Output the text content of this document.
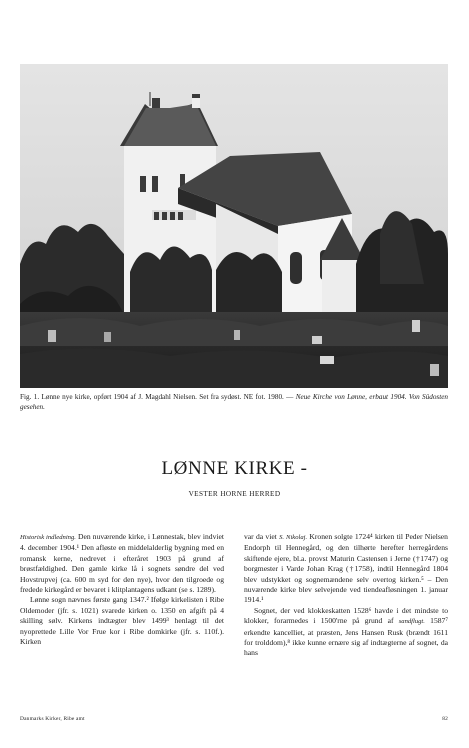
Fig. 1. Lønne nye kirke, opført 1904 af J. Magdahl Nielsen. Set fra sydøst. NE fot. 1980. — Neue Kirche von Lønne, erbaut 1904. Von Südosten gesehen.
LØNNE KIRKE -
VESTER HORNE HERRED

Historisk indledning. Den nuværende kirke, i Lønnestak, blev indviet 4. december 1904.¹ Den afløste en middelalderlig bygning med en romansk kerne, nedrevet i efteråret 1903 på grund af brøstfældighed. Den gamle kirke lå i sognets søndre del ved Hovstrupvej (ca. 600 m syd for den nye), hvor den tilgroede og fredede kirkegård er bevaret i klitplantagens udkant (se s. 1289).

Lønne sogn nævnes første gang 1347.² Ifølge kirkelisten i Ribe Oldemoder (jfr. s. 1021) svarede kirken o. 1350 en afgift på 4 skilling sølv. Kirkens indtægter blev 1499³ henlagt til det nyoprettede Lille Vor Frue kor i Ribe domkirke (jfr. s. 110f.). Kirken

var da viet S. Nikolaj. Kronen solgte 1724⁴ kirken til Peder Nielsen Endorph til Hennegård, og den tilhørte herefter herregårdens skiftende ejere, bl.a. provst Maturin Castensen i Jerne (†1747) og borgmester i Varde Johan Krag (†1758), indtil Hennegård 1804 blev udstykket og sognemændene selv overtog kirken.⁵ – Den nuværende kirke blev selvejende ved tiendeafløsningen 1. januar 1914.¹

Sognet, der ved klokkeskatten 1528⁶ havde i det mindste to klokker, forarmedes i 1500'rne på grund af sandflugt. 1587⁷ erkendte kancelliet, at præsten, Jens Hansen Rusk (brændt 1611 for trolddom),⁸ ikke kunne ernære sig af indtægterne af sognet, da hans

Danmarks Kirker, Ribe amt	82
